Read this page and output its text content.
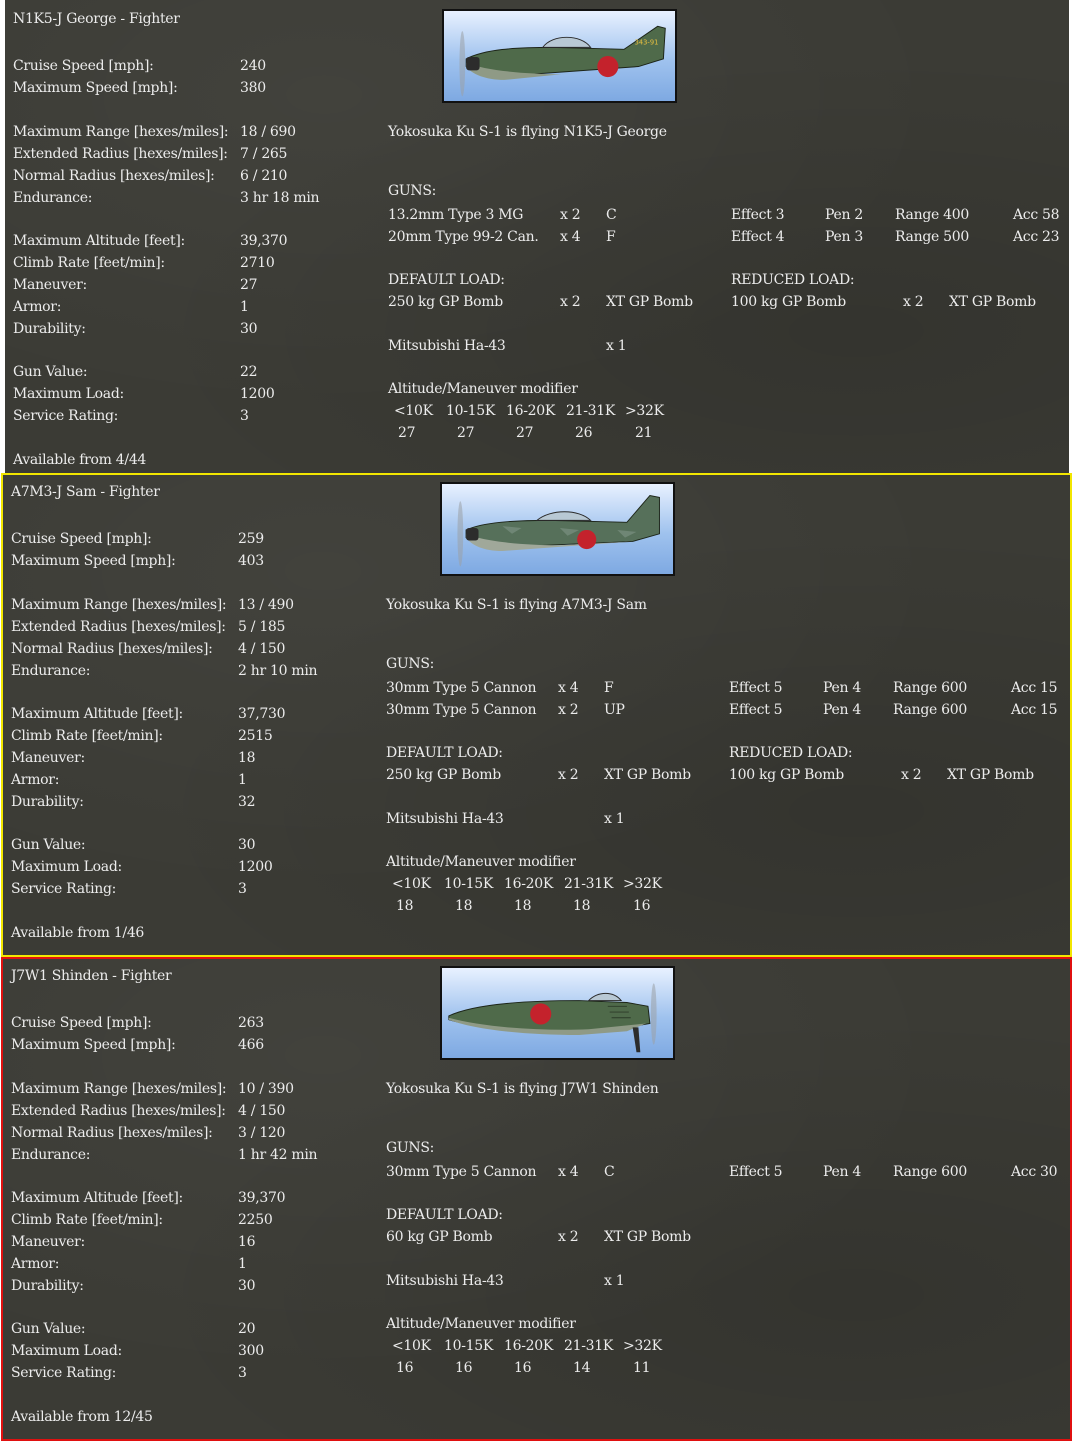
N1K5-J George - Fighter
343-91
Cruise Speed [mph]:	240
Maximum Speed [mph]:	380
Maximum Range [hexes/miles]: 18 / 690
Extended Radius [hexes/miles]: 7 / 265
Normal Radius [hexes/miles]: 6 / 210
Endurance:	3 hr 18 min
Maximum Altitude [feet]:	39,370
Climb Rate [feet/min]:	2710
Maneuver:	27
Armor:	1
Durability:	30
Gun Value:	22
Maximum Load:	1200
Service Rating:	3
Available from 4/44
Yokosuka Ku S-1 is flying N1K5-J George
GUNS:
13.2mm Type 3 MG	x 2 C	Effect 3	Pen 2 Range 400	Acc 58
20mm Type 99-2 Can. x 4 F	Effect 4	Pen 3 Range 500	Acc 23
DEFAULT LOAD:
250 kg GP Bomb	x 2 XT GP Bomb
REDUCED LOAD:
100 kg GP Bomb	x 2 XT GP Bomb
Mitsubishi Ha-43	x 1
Altitude/Maneuver modifier
<10K 10-15K 16-20K 21-31K >32K
27	27	27	26	21
A7M3-J Sam - Fighter
Cruise Speed [mph]:	259
Maximum Speed [mph]:	403
Maximum Range [hexes/miles]: 13 / 490
Extended Radius [hexes/miles]: 5 / 185
Normal Radius [hexes/miles]: 4 / 150
Endurance:	2 hr 10 min
Maximum Altitude [feet]:	37,730
Climb Rate [feet/min]:	2515
Maneuver:	18
Armor:	1
Durability:	32
Gun Value:	30
Maximum Load:	1200
Service Rating:	3
Available from 1/46
Yokosuka Ku S-1 is flying A7M3-J Sam
GUNS:
30mm Type 5 Cannon x 4 F	Effect 5	Pen 4 Range 600	Acc 15
30mm Type 5 Cannon x 2 UP	Effect 5	Pen 4 Range 600	Acc 15
DEFAULT LOAD:
250 kg GP Bomb	x 2 XT GP Bomb
REDUCED LOAD:
100 kg GP Bomb	x 2 XT GP Bomb
Mitsubishi Ha-43	x 1
Altitude/Maneuver modifier
<10K 10-15K 16-20K 21-31K >32K
18	18	18	18	16
J7W1 Shinden - Fighter
Cruise Speed [mph]:	263
Maximum Speed [mph]:	466
Maximum Range [hexes/miles]: 10 / 390
Extended Radius [hexes/miles]: 4 / 150
Normal Radius [hexes/miles]: 3 / 120
Endurance:	1 hr 42 min
Maximum Altitude [feet]:	39,370
Climb Rate [feet/min]:	2250
Maneuver:	16
Armor:	1
Durability:	30
Gun Value:	20
Maximum Load:	300
Service Rating:	3
Available from 12/45
Yokosuka Ku S-1 is flying J7W1 Shinden
GUNS:
30mm Type 5 Cannon x 4 C	Effect 5	Pen 4 Range 600	Acc 30
DEFAULT LOAD:
60 kg GP Bomb	x 2 XT GP Bomb
Mitsubishi Ha-43	x 1
Altitude/Maneuver modifier
<10K 10-15K 16-20K 21-31K >32K
16	16	16	14	11
